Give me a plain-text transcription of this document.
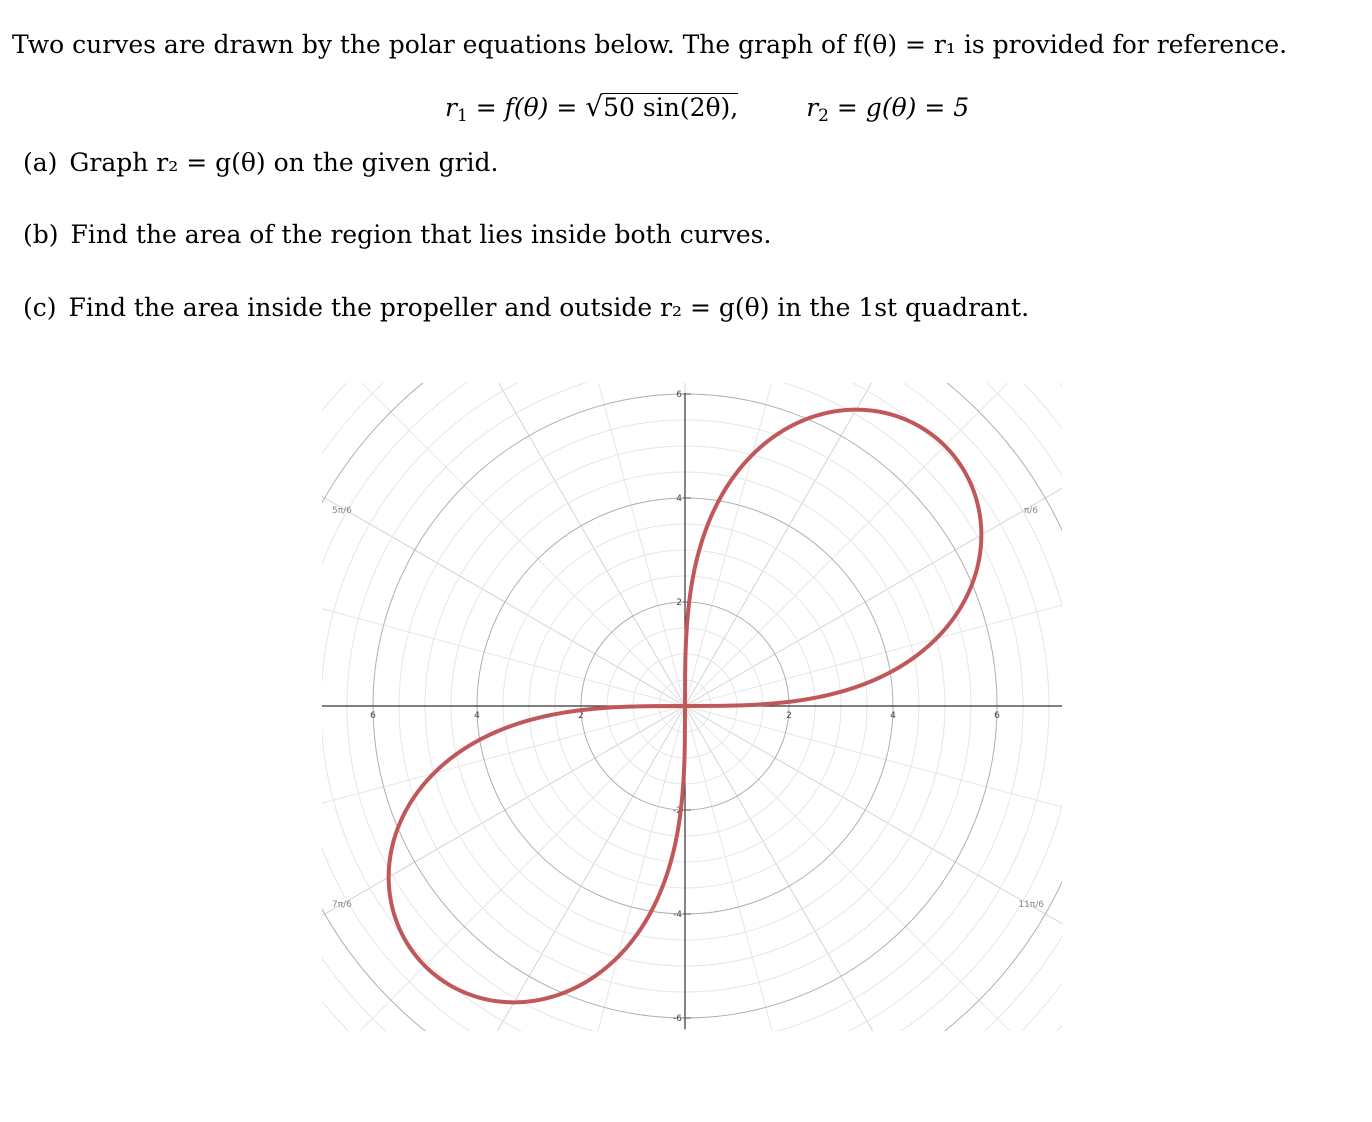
Two curves are drawn by the polar equations below. The graph of f(θ) = r₁ is provided for reference.
$r_1 = f(\theta) = √50$ sin(2θ),	$r_2 = g(\theta) = 5$
(a) Graph r₂ = g(θ) on the given grid.
(b) Find the area of the region that lies inside both curves.
(c) Find the area inside the propeller and outside r₂ = g(θ) in the 1st quadrant.
6
4
2
-2
-4
-6
6	4	2	2	4	6
5π/6	π/6
7π/6	11π/6
